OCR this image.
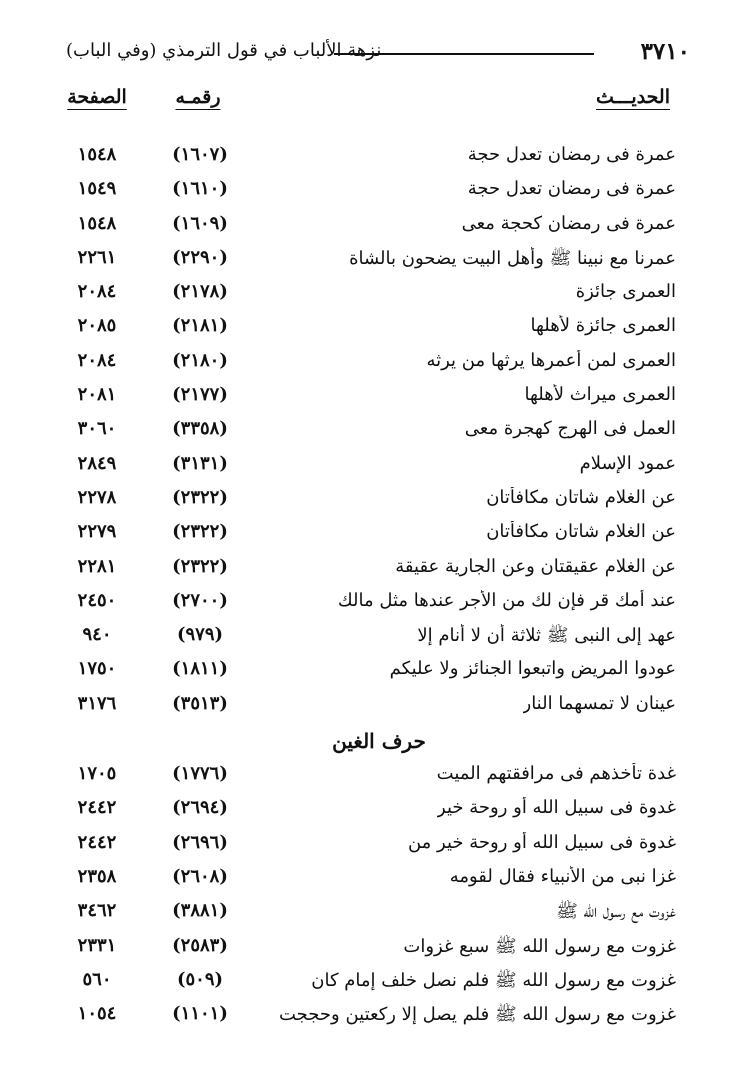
٣٧١٠
نزهة الألباب في قول الترمذي (وفي الباب)
الحديـــث
رقمـه
الصفحة
عمرة فى رمضان تعدل حجة
(١٦٠٧)
١٥٤٨
عمرة فى رمضان تعدل حجة
(١٦١٠)
١٥٤٩
عمرة فى رمضان كحجة معى
(١٦٠٩)
١٥٤٨
عمرنا مع نبينا ﷺ وأهل البيت يضحون بالشاة
(٢٢٩٠)
٢٢٦١
العمرى جائزة
(٢١٧٨)
٢٠٨٤
العمرى جائزة لأهلها
(٢١٨١)
٢٠٨٥
العمرى لمن أعمرها يرثها من يرثه
(٢١٨٠)
٢٠٨٤
العمرى ميراث لأهلها
(٢١٧٧)
٢٠٨١
العمل فى الهرج كهجرة معى
(٣٣٥٨)
٣٠٦٠
عمود الإسلام
(٣١٣١)
٢٨٤٩
عن الغلام شاتان مكافأتان
(٢٣٢٢)
٢٢٧٨
عن الغلام شاتان مكافأتان
(٢٣٢٢)
٢٢٧٩
عن الغلام عقيقتان وعن الجارية عقيقة
(٢٣٢٢)
٢٢٨١
عند أمك قر فإن لك من الأجر عندها مثل مالك
(٢٧٠٠)
٢٤٥٠
عهد إلى النبى ﷺ ثلاثة أن لا أنام إلا
(٩٧٩)
٩٤٠
عودوا المريض واتبعوا الجنائز ولا عليكم
(١٨١١)
١٧٥٠
عينان لا تمسهما النار
(٣٥١٣)
٣١٧٦
حرف الغين
غدة تأخذهم فى مرافقتهم الميت
(١٧٧٦)
١٧٠٥
غدوة فى سبيل الله أو روحة خير
(٢٦٩٤)
٢٤٤٢
غدوة فى سبيل الله أو روحة خير من
(٢٦٩٦)
٢٤٤٢
غزا نبى من الأنبياء فقال لقومه
(٢٦٠٨)
٢٣٥٨
غزوت مع رسول الله ﷺ
(٣٨٨١)
٣٤٦٢
غزوت مع رسول الله ﷺ سبع غزوات
(٢٥٨٣)
٢٣٣١
غزوت مع رسول الله ﷺ فلم نصل خلف إمام كان
(٥٠٩)
٥٦٠
غزوت مع رسول الله ﷺ فلم يصل إلا ركعتين وحججت
(١١٠١)
١٠٥٤
